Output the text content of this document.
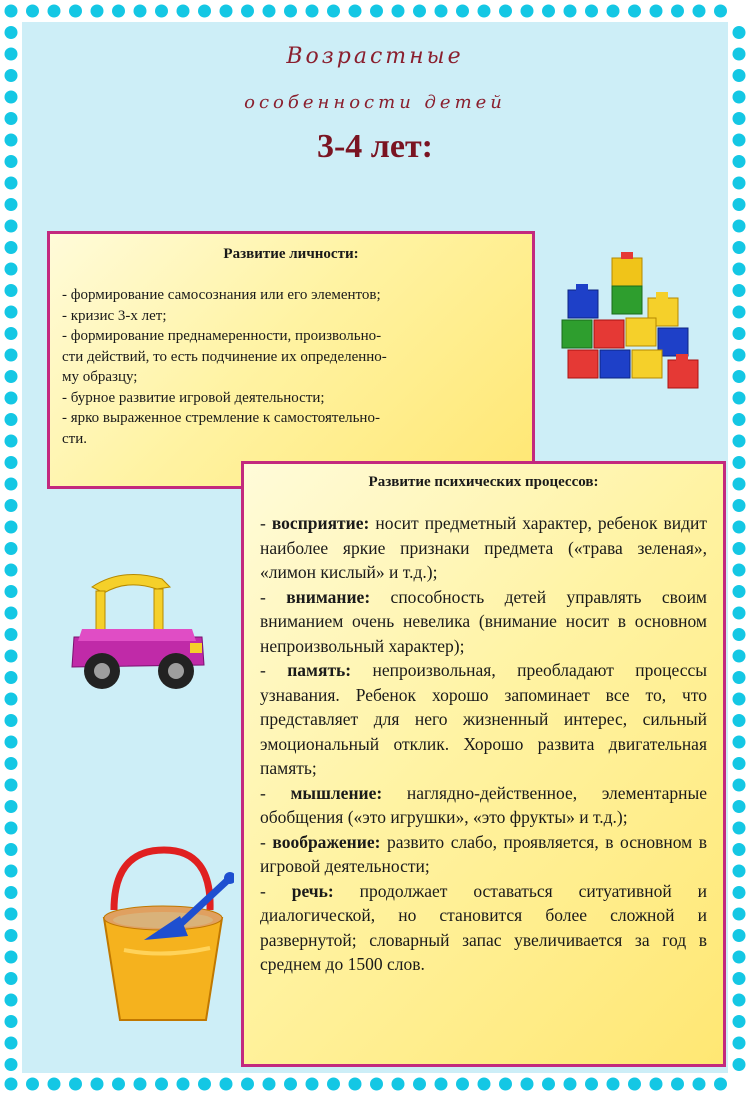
Возрастные
особенности детей
3-4 лет:
Развитие личности:
- формирование самосознания или его элементов;
- кризис 3-х лет;
- формирование преднамеренности, произвольно-
сти действий, то есть подчинение их определенно-
му образцу;
- бурное развитие игровой деятельности;
- ярко выраженное стремление к самостоятельно-
сти.
Развитие психических процессов:
- восприятие: носит предметный характер, ребенок видит наиболее яркие признаки предмета («трава зеленая», «лимон кислый» и т.д.);
- внимание: способность детей управлять своим вниманием очень невелика (внимание носит в основном непроизвольный характер);
- память: непроизвольная, преобладают процессы узнавания. Ребенок хорошо запоминает все то, что представляет для него жизненный интерес, сильный эмоциональный отклик. Хорошо развита двигательная память;
- мышление: наглядно-действенное, элементарные обобщения («это игрушки», «это фрукты» и т.д.);
- воображение: развито слабо, проявляется, в основном в игровой деятельности;
- речь: продолжает оставаться ситуативной и диалогической, но становится более сложной и развернутой; словарный запас увеличивается за год в среднем до 1500 слов.
